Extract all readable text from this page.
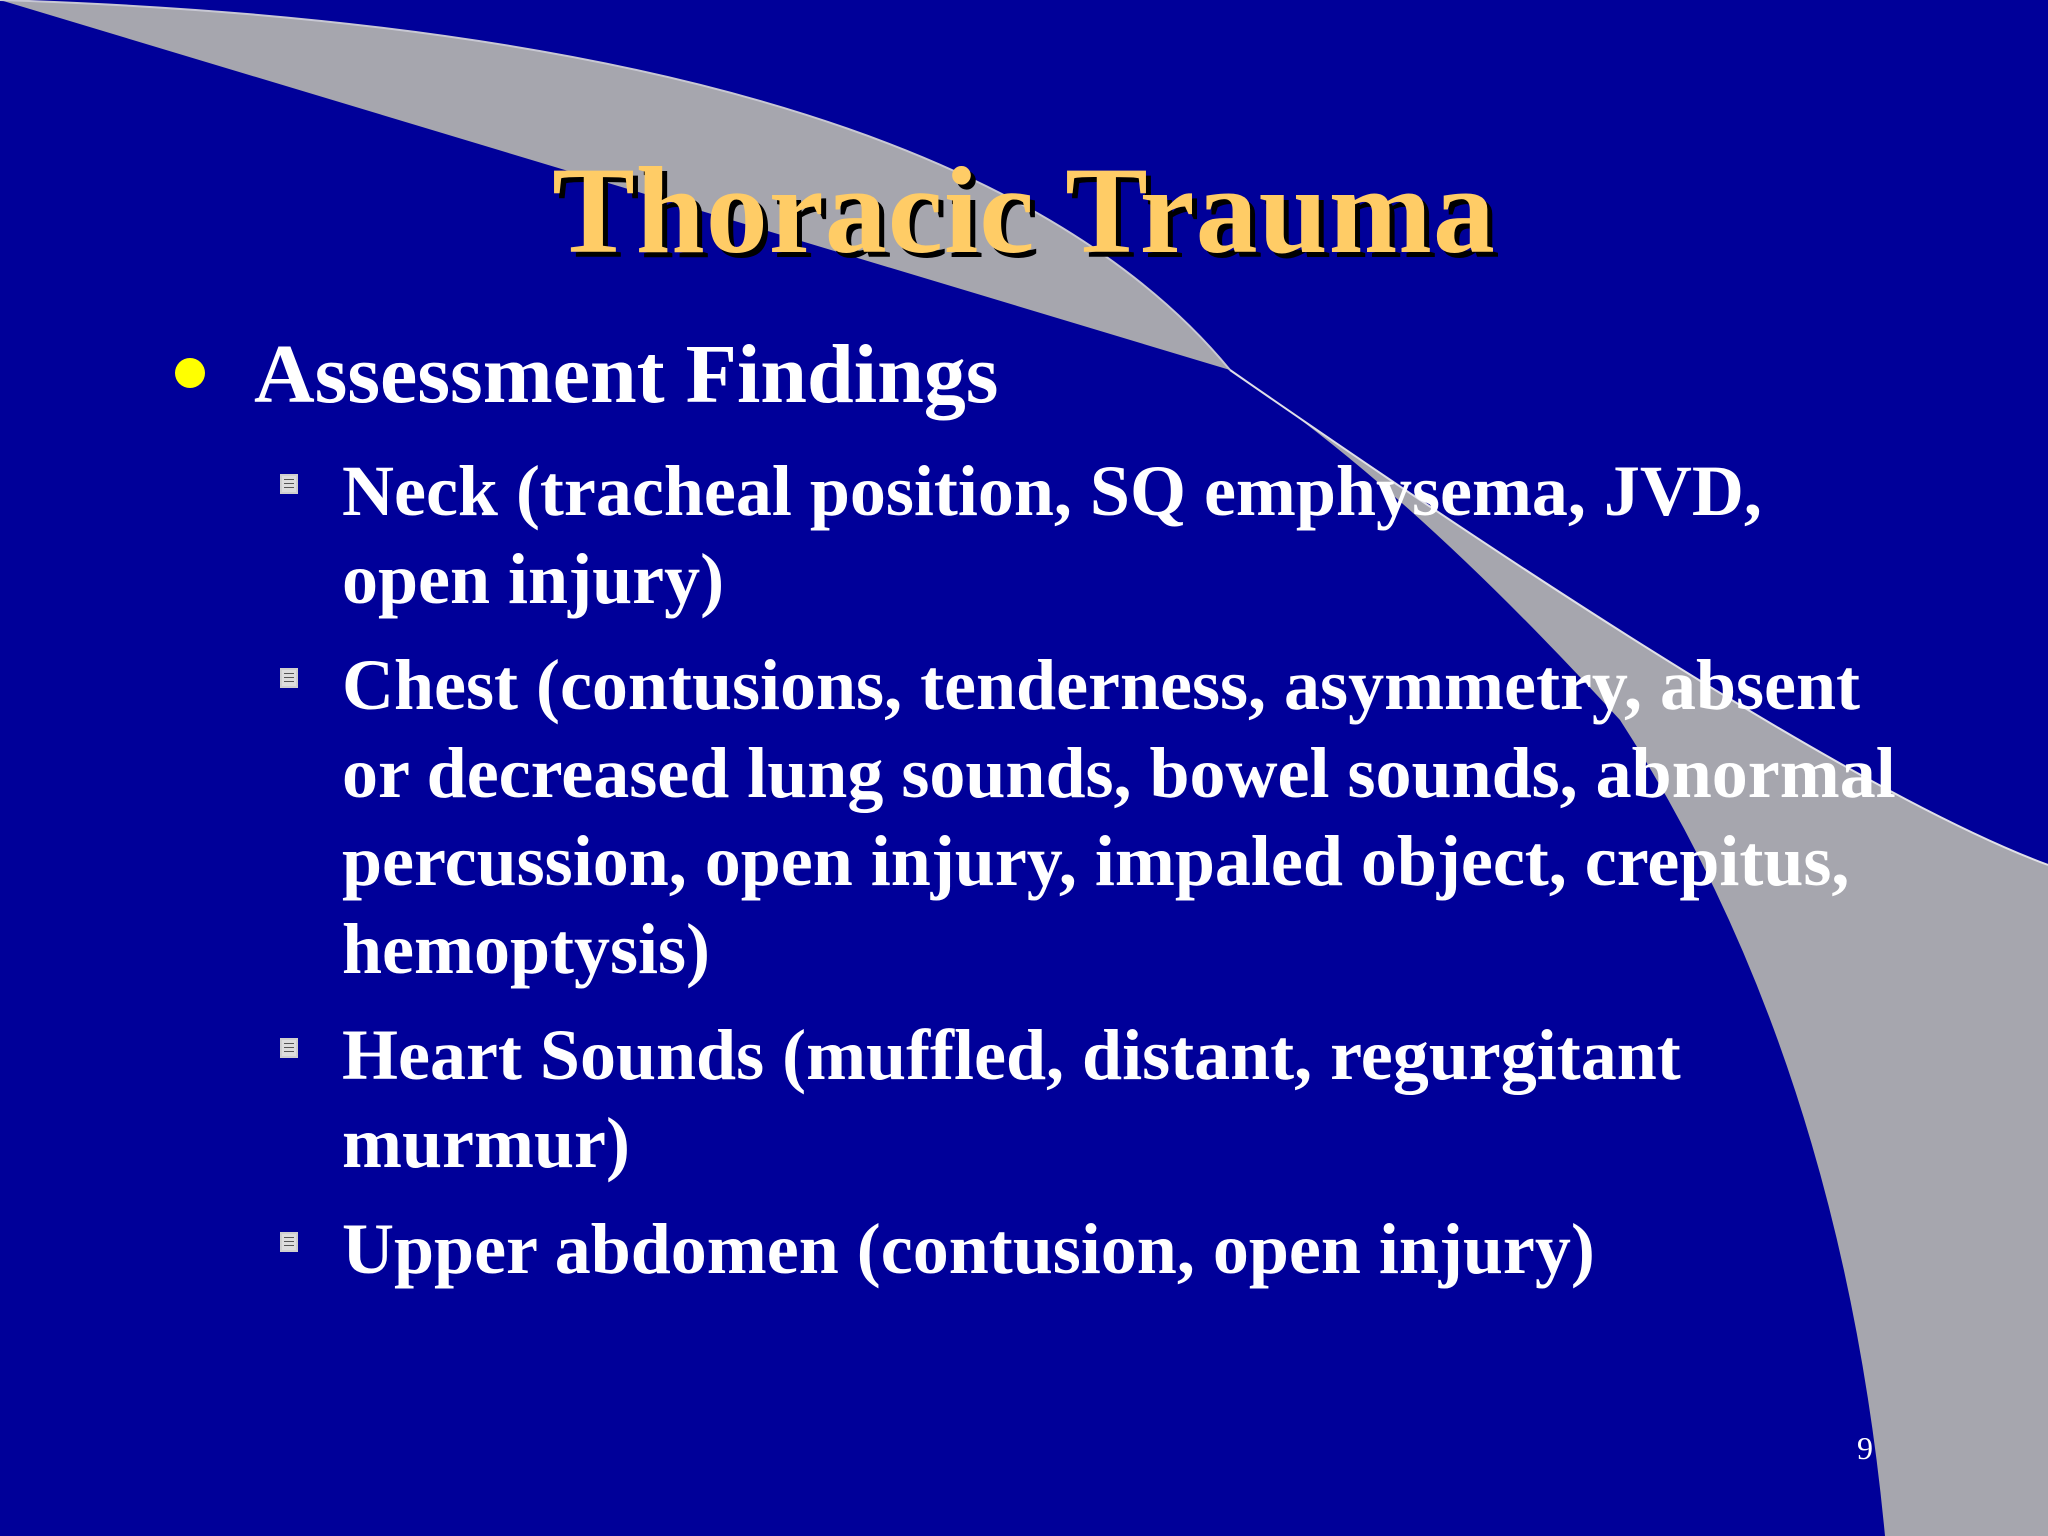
Thoracic Trauma
Assessment Findings
Neck (tracheal position, SQ emphysema, JVD, open injury)
Chest (contusions, tenderness, asymmetry, absent or decreased lung sounds, bowel sounds, abnormal percussion, open injury, impaled object, crepitus, hemoptysis)
Heart Sounds (muffled, distant, regurgitant murmur)
Upper abdomen (contusion, open injury)
9
